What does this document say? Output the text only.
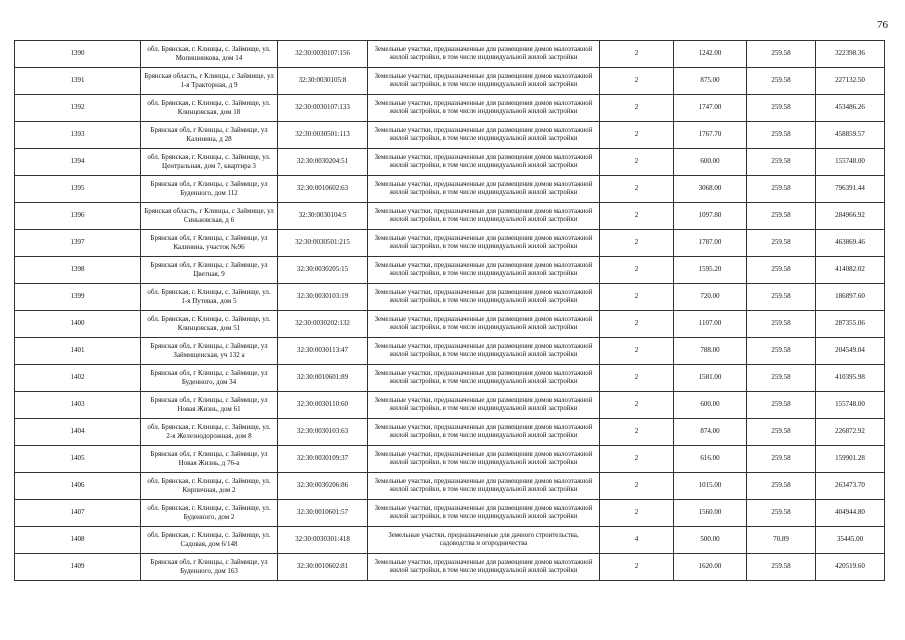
76
1390	обл. Брянская, г. Клинцы, с. Займище, ул. Мопишникова, дом 14	32:30:0030107:156	Земельные участки, предназначенные для размещения домов малоэтажной жилой застройки, в том числе индивидуальной жилой застройки	2	1242.00	259.58	322398.36
1391	Брянская область, г Клинцы, с Займище, ул 1-я Тракторная, д 9	32:30:0030105:8	Земельные участки, предназначенные для размещения домов малоэтажной жилой застройки, в том числе индивидуальной жилой застройки	2	875.00	259.58	227132.50
1392	обл. Брянская, г. Клинцы, с. Займище, ул. Клинцовская, дом 18	32:30:0030107:133	Земельные участки, предназначенные для размещения домов малоэтажной жилой застройки, в том числе индивидуальной жилой застройки	2	1747.00	259.58	453486.26
1393	Брянская обл, г Клинцы, с Займище, ул Калинина, д 28	32:30:0030501:113	Земельные участки, предназначенные для размещения домов малоэтажной жилой застройки, в том числе индивидуальной жилой застройки	2	1767.70	259.58	458859.57
1394	обл. Брянская, г. Клинцы, с. Займище, ул. Центральная, дом 7, квартира 3	32:30:0030204:51	Земельные участки, предназначенные для размещения домов малоэтажной жилой застройки, в том числе индивидуальной жилой застройки	2	600.00	259.58	155748.00
1395	Брянская обл, г Клинцы, с Займище, ул Буденного, дом 112	32:30:0010602:63	Земельные участки, предназначенные для размещения домов малоэтажной жилой застройки, в том числе индивидуальной жилой застройки	2	3068.00	259.58	796391.44
1396	Брянская область, г Клинцы, с Займище, ул Синьковская, д 6	32:30:0030104:5	Земельные участки, предназначенные для размещения домов малоэтажной жилой застройки, в том числе индивидуальной жилой застройки	2	1097.80	259.58	284966.92
1397	Брянская обл, г Клинцы, с Займище, ул Калинина, участок №96	32:30:0030501:215	Земельные участки, предназначенные для размещения домов малоэтажной жилой застройки, в том числе индивидуальной жилой застройки	2	1787.00	259.58	463869.46
1398	Брянская обл, г Клинцы, с Займище, ул Цветная, 9	32:30:0030205:15	Земельные участки, предназначенные для размещения домов малоэтажной жилой застройки, в том числе индивидуальной жилой застройки	2	1595.20	259.58	414082.02
1399	обл. Брянская, г. Клинцы, с. Займище, ул. 1-я Путевая, дом 5	32:30:0030103:19	Земельные участки, предназначенные для размещения домов малоэтажной жилой застройки, в том числе индивидуальной жилой застройки	2	720.00	259.58	186897.60
1400	обл. Брянская, г. Клинцы, с. Займище, ул. Клинцовская, дом 51	32:30:0030202:132	Земельные участки, предназначенные для размещения домов малоэтажной жилой застройки, в том числе индивидуальной жилой застройки	2	1107.00	259.58	287355.06
1401	Брянская обл, г Клинцы, с Займище, ул Займищенская, уч 132 а	32:30:0030113:47	Земельные участки, предназначенные для размещения домов малоэтажной жилой застройки, в том числе индивидуальной жилой застройки	2	788.00	259.58	204549.04
1402	Брянская обл, г Клинцы, с Займище, ул Буденного, дом 34	32:30:0010601:89	Земельные участки, предназначенные для размещения домов малоэтажной жилой застройки, в том числе индивидуальной жилой застройки	2	1581.00	259.58	410395.98
1403	Брянская обл, г Клинцы, с Займище, ул Новая Жизнь, дом 61	32:30:0030110:60	Земельные участки, предназначенные для размещения домов малоэтажной жилой застройки, в том числе индивидуальной жилой застройки	2	600.00	259.58	155748.00
1404	обл. Брянская, г. Клинцы, с. Займище, ул. 2-я Железнодорожная, дом 8	32:30:0030103:63	Земельные участки, предназначенные для размещения домов малоэтажной жилой застройки, в том числе индивидуальной жилой застройки	2	874.00	259.58	226872.92
1405	Брянская обл, г Клинцы, с Займище, ул Новая Жизнь, д 76-а	32:30:0030109:37	Земельные участки, предназначенные для размещения домов малоэтажной жилой застройки, в том числе индивидуальной жилой застройки	2	616.00	259.58	159901.28
1406	обл. Брянская, г. Клинцы, с. Займище, ул. Кирпичная, дом 2	32:30:0030206:86	Земельные участки, предназначенные для размещения домов малоэтажной жилой застройки, в том числе индивидуальной жилой застройки	2	1015.00	259.58	263473.70
1407	обл. Брянская, г. Клинцы, с. Займище, ул. Буденного, дом 2	32:30:0010601:57	Земельные участки, предназначенные для размещения домов малоэтажной жилой застройки, в том числе индивидуальной жилой застройки	2	1560.00	259.58	404944.80
1408	обл. Брянская, г. Клинцы, с. Займище, ул. Садовая, дом 6/148	32:30:0030301:418	Земельные участки, предназначенные для дачного строительства, садоводства и огородничества	4	500.00	70.89	35445.00
1409	Брянская обл, г Клинцы, с Займище, ул Буденного, дом 163	32:30:0010602:81	Земельные участки, предназначенные для размещения домов малоэтажной жилой застройки, в том числе индивидуальной жилой застройки	2	1620.00	259.58	420519.60
